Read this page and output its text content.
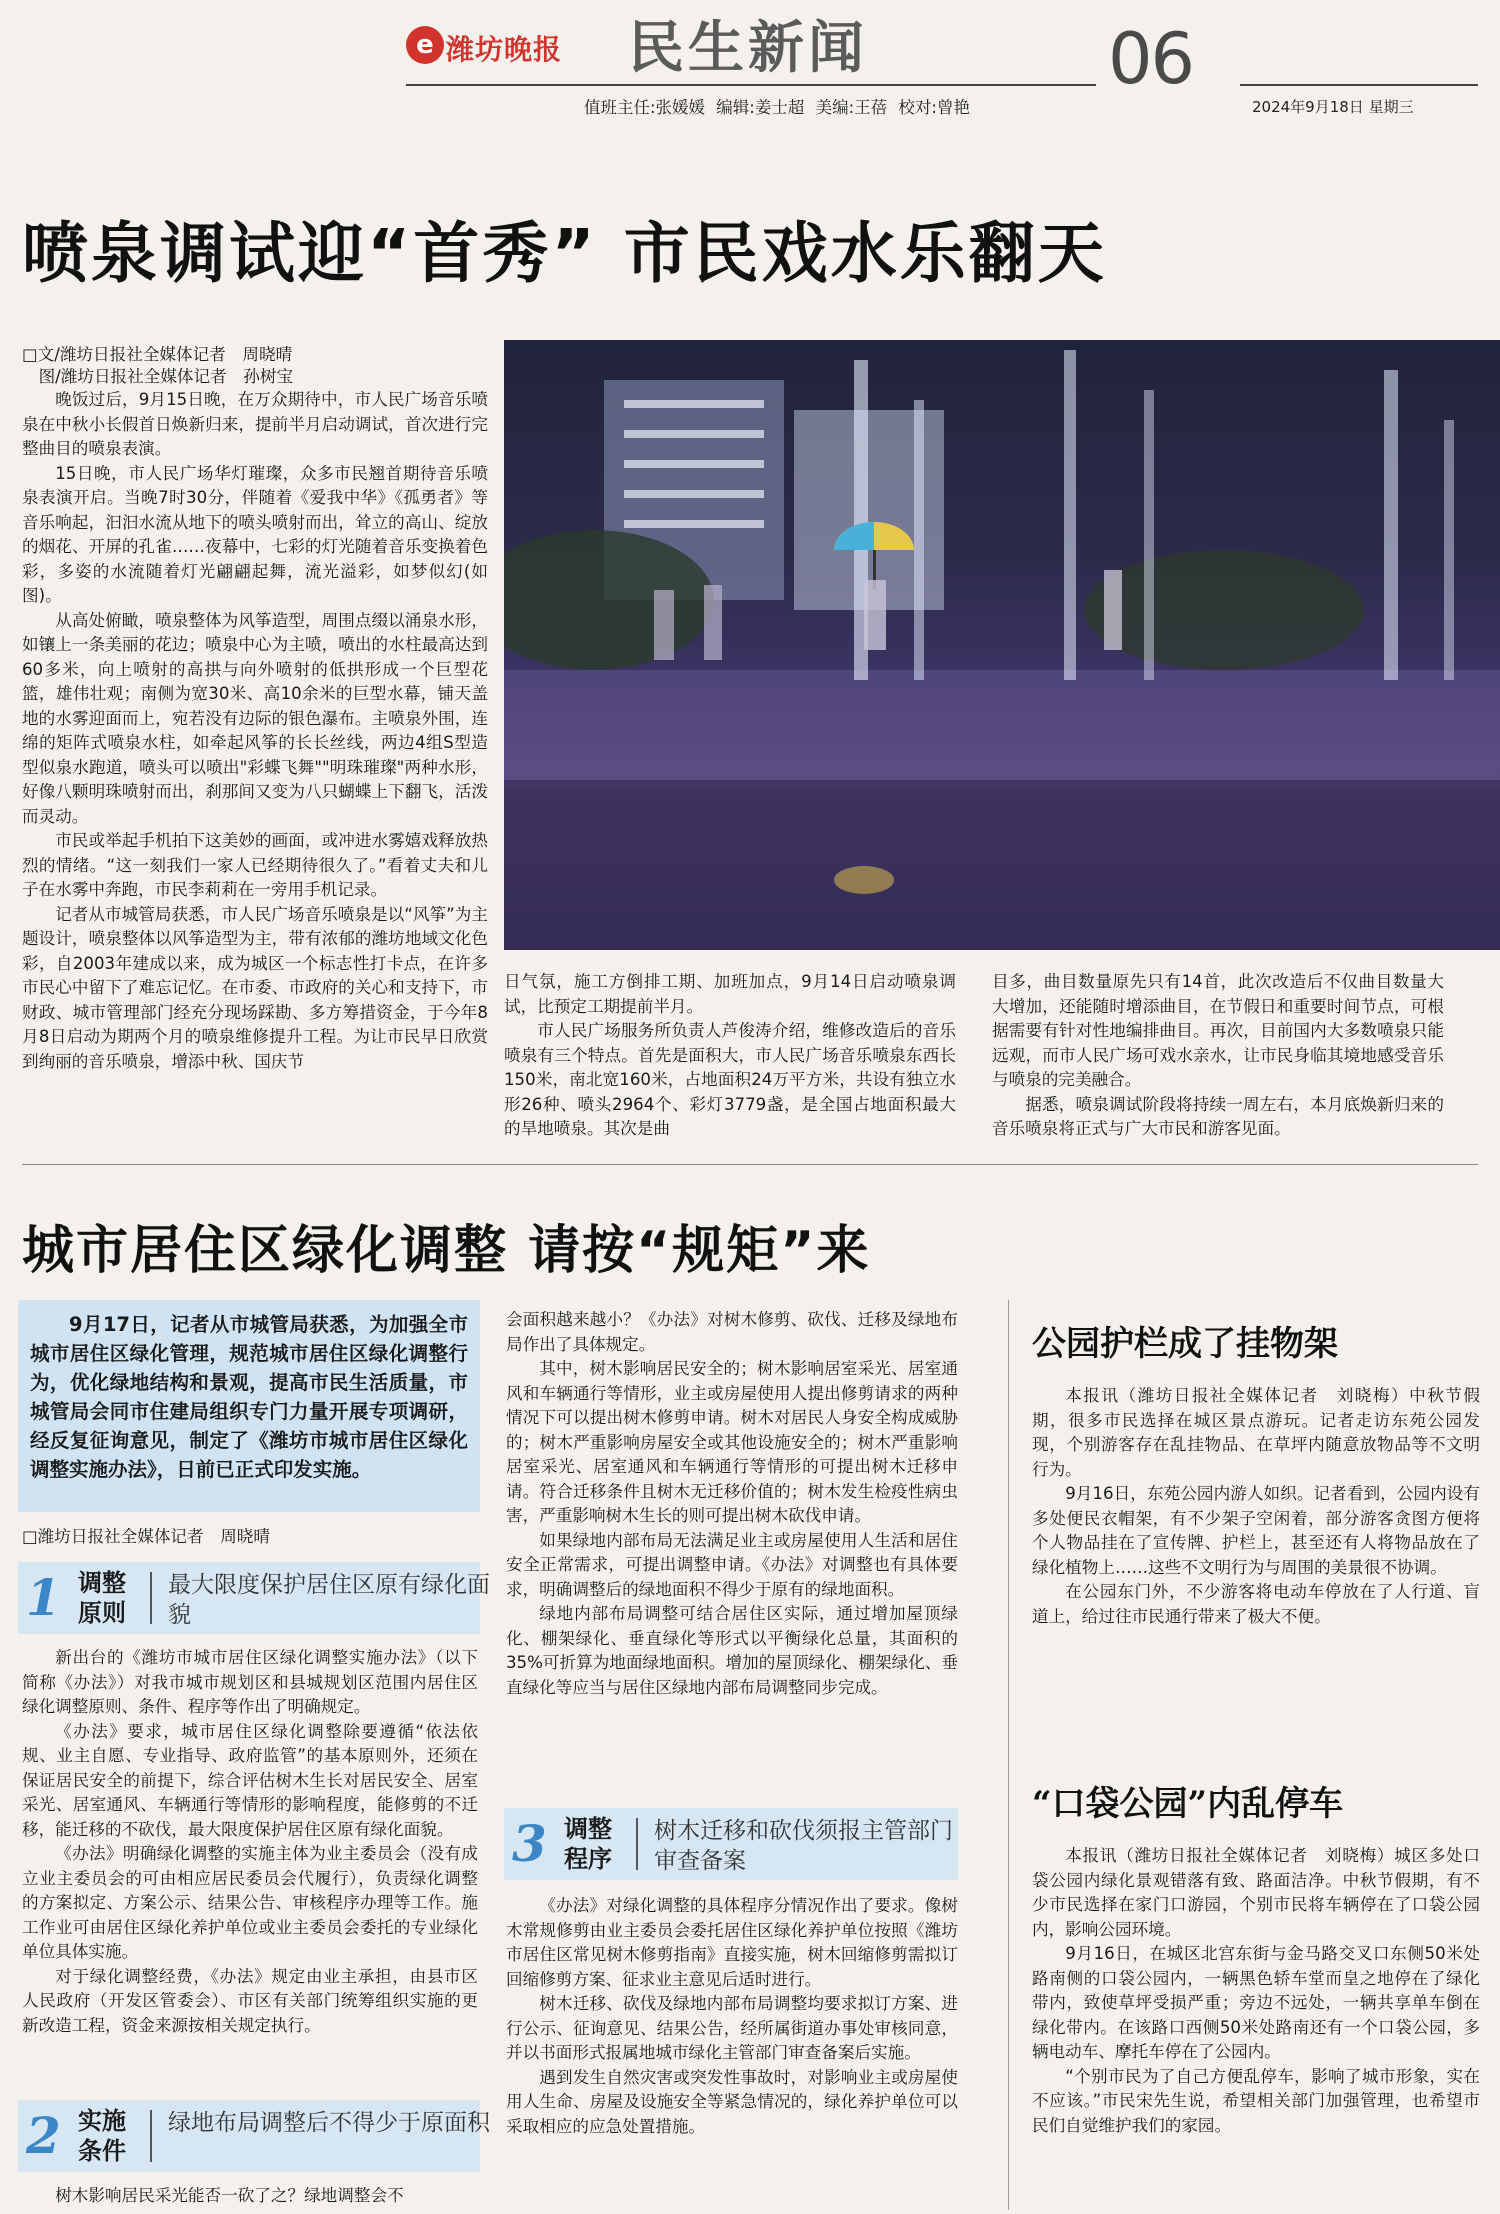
e 潍坊晚报 民生新闻	06
值班主任:张媛媛 编辑:姜士超 美编:王蓓 校对:曾艳	2024年9月18日 星期三
喷泉调试迎“首秀” 市民戏水乐翻天
□文/潍坊日报社全媒体记者　周晓晴
　图/潍坊日报社全媒体记者　孙树宝

晚饭过后，9月15日晚，在万众期待中，市人民广场音乐喷泉在中秋小长假首日焕新归来，提前半月启动调试，首次进行完整曲目的喷泉表演。

15日晚，市人民广场华灯璀璨，众多市民翘首期待音乐喷泉表演开启。当晚7时30分，伴随着《爱我中华》《孤勇者》等音乐响起，汩汩水流从地下的喷头喷射而出，耸立的高山、绽放的烟花、开屏的孔雀……夜幕中，七彩的灯光随着音乐变换着色彩，多姿的水流随着灯光翩翩起舞，流光溢彩，如梦似幻(如图)。

从高处俯瞰，喷泉整体为风筝造型，周围点缀以涌泉水形，如镶上一条美丽的花边；喷泉中心为主喷，喷出的水柱最高达到60多米，向上喷射的高拱与向外喷射的低拱形成一个巨型花篮，雄伟壮观；南侧为宽30米、高10余米的巨型水幕，铺天盖地的水雾迎面而上，宛若没有边际的银色瀑布。主喷泉外围，连绵的矩阵式喷泉水柱，如牵起风筝的长长丝线，两边4组S型造型似泉水跑道，喷头可以喷出"彩蝶飞舞""明珠璀璨"两种水形，好像八颗明珠喷射而出，刹那间又变为八只蝴蝶上下翻飞，活泼而灵动。

市民或举起手机拍下这美妙的画面，或冲进水雾嬉戏释放热烈的情绪。“这一刻我们一家人已经期待很久了。”看着丈夫和儿子在水雾中奔跑，市民李莉莉在一旁用手机记录。

记者从市城管局获悉，市人民广场音乐喷泉是以“风筝”为主题设计，喷泉整体以风筝造型为主，带有浓郁的潍坊地域文化色彩，自2003年建成以来，成为城区一个标志性打卡点，在许多市民心中留下了难忘记忆。在市委、市政府的关心和支持下，市财政、城市管理部门经充分现场踩勘、多方筹措资金，于今年8月8日启动为期两个月的喷泉维修提升工程。为让市民早日欣赏到绚丽的音乐喷泉，增添中秋、国庆节

日气氛，施工方倒排工期、加班加点，9月14日启动喷泉调试，比预定工期提前半月。

市人民广场服务所负责人芦俊涛介绍，维修改造后的音乐喷泉有三个特点。首先是面积大，市人民广场音乐喷泉东西长150米，南北宽160米，占地面积24万平方米，共设有独立水形26种、喷头2964个、彩灯3779盏，是全国占地面积最大的旱地喷泉。其次是曲

目多，曲目数量原先只有14首，此次改造后不仅曲目数量大大增加，还能随时增添曲目，在节假日和重要时间节点，可根据需要有针对性地编排曲目。再次，目前国内大多数喷泉只能远观，而市人民广场可戏水亲水，让市民身临其境地感受音乐与喷泉的完美融合。

据悉，喷泉调试阶段将持续一周左右，本月底焕新归来的音乐喷泉将正式与广大市民和游客见面。

城市居住区绿化调整 请按“规矩”来

9月17日，记者从市城管局获悉，为加强全市城市居住区绿化管理，规范城市居住区绿化调整行为，优化绿地结构和景观，提高市民生活质量，市城管局会同市住建局组织专门力量开展专项调研，经反复征询意见，制定了《潍坊市城市居住区绿化调整实施办法》，日前已正式印发实施。

□潍坊日报社全媒体记者　周晓晴
1 调整原则
最大限度保护居住区原有绿化面貌

新出台的《潍坊市城市居住区绿化调整实施办法》（以下简称《办法》）对我市城市规划区和县城规划区范围内居住区绿化调整原则、条件、程序等作出了明确规定。

《办法》要求，城市居住区绿化调整除要遵循“依法依规、业主自愿、专业指导、政府监管”的基本原则外，还须在保证居民安全的前提下，综合评估树木生长对居民安全、居室采光、居室通风、车辆通行等情形的影响程度，能修剪的不迁移，能迁移的不砍伐，最大限度保护居住区原有绿化面貌。

《办法》明确绿化调整的实施主体为业主委员会（没有成立业主委员会的可由相应居民委员会代履行），负责绿化调整的方案拟定、方案公示、结果公告、审核程序办理等工作。施工作业可由居住区绿化养护单位或业主委员会委托的专业绿化单位具体实施。

对于绿化调整经费，《办法》规定由业主承担，由县市区人民政府（开发区管委会）、市区有关部门统筹组织实施的更新改造工程，资金来源按相关规定执行。

2 实施条件
绿地布局调整后不得少于原面积

树木影响居民采光能否一砍了之？绿地调整会不

会面积越来越小？《办法》对树木修剪、砍伐、迁移及绿地布局作出了具体规定。

其中，树木影响居民安全的；树木影响居室采光、居室通风和车辆通行等情形，业主或房屋使用人提出修剪请求的两种情况下可以提出树木修剪申请。树木对居民人身安全构成威胁的；树木严重影响房屋安全或其他设施安全的；树木严重影响居室采光、居室通风和车辆通行等情形的可提出树木迁移申请。符合迁移条件且树木无迁移价值的；树木发生检疫性病虫害，严重影响树木生长的则可提出树木砍伐申请。

如果绿地内部布局无法满足业主或房屋使用人生活和居住安全正常需求，可提出调整申请。《办法》对调整也有具体要求，明确调整后的绿地面积不得少于原有的绿地面积。

绿地内部布局调整可结合居住区实际，通过增加屋顶绿化、棚架绿化、垂直绿化等形式以平衡绿化总量，其面积的35%可折算为地面绿地面积。增加的屋顶绿化、棚架绿化、垂直绿化等应当与居住区绿地内部布局调整同步完成。

3 调整程序
树木迁移和砍伐须报主管部门审查备案

《办法》对绿化调整的具体程序分情况作出了要求。像树木常规修剪由业主委员会委托居住区绿化养护单位按照《潍坊市居住区常见树木修剪指南》直接实施，树木回缩修剪需拟订回缩修剪方案、征求业主意见后适时进行。

树木迁移、砍伐及绿地内部布局调整均要求拟订方案、进行公示、征询意见、结果公告，经所属街道办事处审核同意，并以书面形式报属地城市绿化主管部门审查备案后实施。

遇到发生自然灾害或突发性事故时，对影响业主或房屋使用人生命、房屋及设施安全等紧急情况的，绿化养护单位可以采取相应的应急处置措施。

公园护栏成了挂物架

本报讯（潍坊日报社全媒体记者　刘晓梅）中秋节假期，很多市民选择在城区景点游玩。记者走访东苑公园发现，个别游客存在乱挂物品、在草坪内随意放物品等不文明行为。

9月16日，东苑公园内游人如织。记者看到，公园内设有多处便民衣帽架，有不少架子空闲着，部分游客贪图方便将个人物品挂在了宣传牌、护栏上，甚至还有人将物品放在了绿化植物上……这些不文明行为与周围的美景很不协调。

在公园东门外，不少游客将电动车停放在了人行道、盲道上，给过往市民通行带来了极大不便。

“口袋公园”内乱停车

本报讯（潍坊日报社全媒体记者　刘晓梅）城区多处口袋公园内绿化景观错落有致、路面洁净。中秋节假期，有不少市民选择在家门口游园，个别市民将车辆停在了口袋公园内，影响公园环境。

9月16日，在城区北宫东街与金马路交叉口东侧50米处路南侧的口袋公园内，一辆黑色轿车堂而皇之地停在了绿化带内，致使草坪受损严重；旁边不远处，一辆共享单车倒在绿化带内。在该路口西侧50米处路南还有一个口袋公园，多辆电动车、摩托车停在了公园内。

“个别市民为了自己方便乱停车，影响了城市形象，实在不应该。”市民宋先生说，希望相关部门加强管理，也希望市民们自觉维护我们的家园。
